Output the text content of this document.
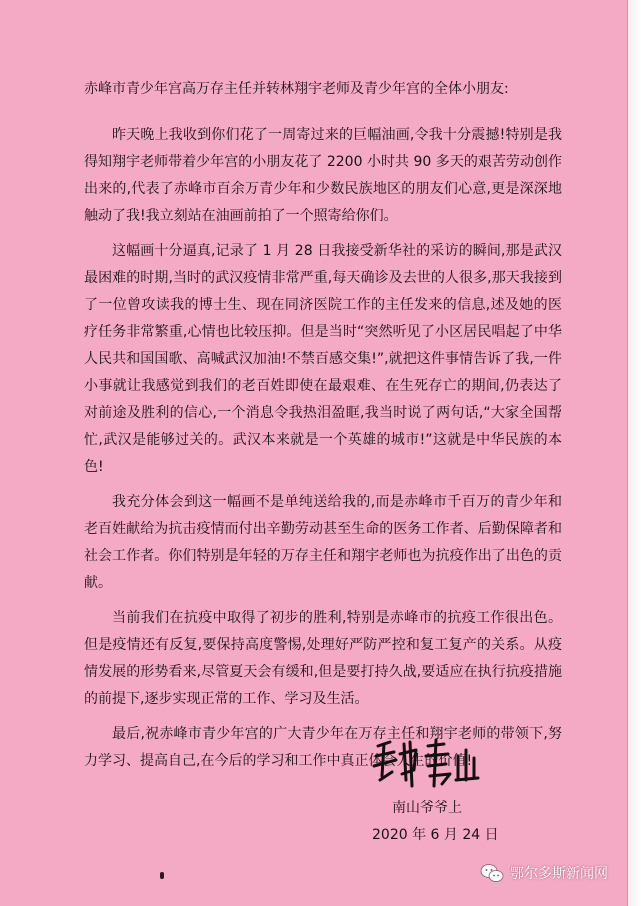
赤峰市青少年宫高万存主任并转林翔宇老师及青少年宫的全体小朋友:

昨天晚上我收到你们花了一周寄过来的巨幅油画,令我十分震撼!特别是我得知翔宇老师带着少年宫的小朋友花了 2200 小时共 90 多天的艰苦劳动创作出来的,代表了赤峰市百余万青少年和少数民族地区的朋友们心意,更是深深地触动了我!我立刻站在油画前拍了一个照寄给你们。

这幅画十分逼真,记录了 1 月 28 日我接受新华社的采访的瞬间,那是武汉最困难的时期,当时的武汉疫情非常严重,每天确诊及去世的人很多,那天我接到了一位曾攻读我的博士生、现在同济医院工作的主任发来的信息,述及她的医疗任务非常繁重,心情也比较压抑。但是当时“突然听见了小区居民唱起了中华人民共和国国歌、高喊武汉加油!不禁百感交集!”,就把这件事情告诉了我,一件小事就让我感觉到我们的老百姓即使在最艰难、在生死存亡的期间,仍表达了对前途及胜利的信心,一个消息令我热泪盈眶,我当时说了两句话,“大家全国帮忙,武汉是能够过关的。武汉本来就是一个英雄的城市!”这就是中华民族的本色!

我充分体会到这一幅画不是单纯送给我的,而是赤峰市千百万的青少年和老百姓献给为抗击疫情而付出辛勤劳动甚至生命的医务工作者、后勤保障者和社会工作者。你们特别是年轻的万存主任和翔宇老师也为抗疫作出了出色的贡献。

当前我们在抗疫中取得了初步的胜利,特别是赤峰市的抗疫工作很出色。但是疫情还有反复,要保持高度警惕,处理好严防严控和复工复产的关系。从疫情发展的形势看来,尽管夏天会有缓和,但是要打持久战,要适应在执行抗疫措施的前提下,逐步实现正常的工作、学习及生活。

最后,祝赤峰市青少年宫的广大青少年在万存主任和翔宇老师的带领下,努力学习、提高自己,在今后的学习和工作中真正体会人生的价值!

南山爷爷上
2020 年 6 月 24 日
鄂尔多斯新闻网
